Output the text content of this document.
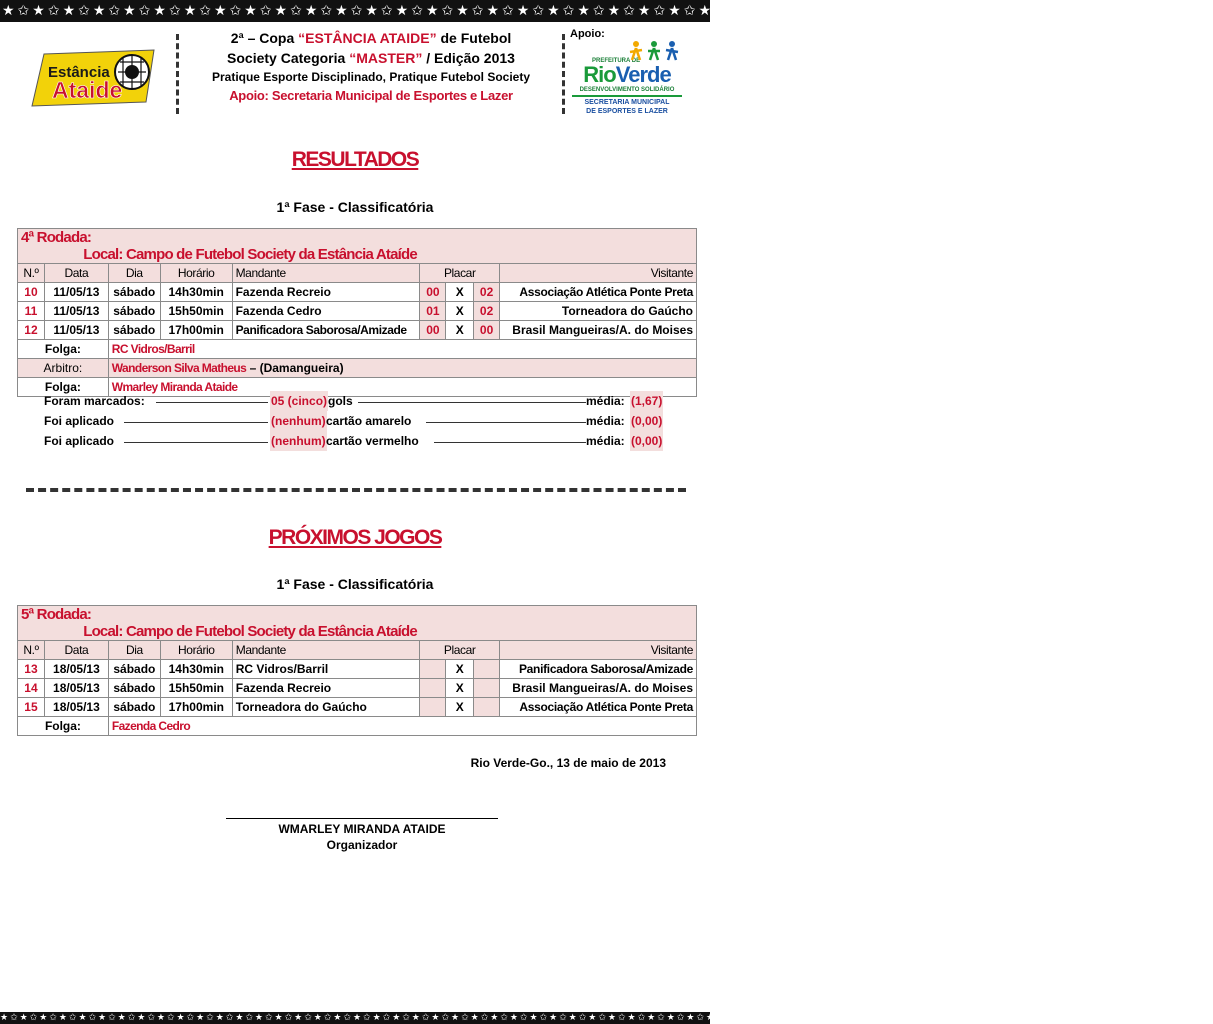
★✩★✩★✩★✩★✩★✩★✩★✩★✩★✩★✩★✩★✩★✩★✩★✩★✩★✩★✩★✩★✩★✩★✩★✩★✩★✩★✩★✩★✩★✩★✩★✩★✩★✩★✩★✩★✩★✩★✩★✩
Estância
Ataide
2ª – Copa “ESTÂNCIA ATAIDE” de Futebol
Society Categoria “MASTER” / Edição 2013
Pratique Esporte Disciplinado, Pratique Futebol Society
Apoio: Secretaria Municipal de Esportes e Lazer
Apoio:
PREFEITURA DE
RioVerde
DESENVOLVIMENTO SOLIDÁRIO
SECRETARIA MUNICIPAL
DE ESPORTES E LAZER
RESULTADOS
1ª Fase - Classificatória
4ª Rodada:
Local: Campo de Futebol Society da Estância Ataíde								

N.º	Data	Dia	Horário	Mandante	Placar			Visitante
10	11/05/13	sábado	14h30min	Fazenda Recreio	00	X	02	Associação Atlética Ponte Preta
11	11/05/13	sábado	15h50min	Fazenda Cedro	01	X	02	Torneadora do Gaúcho
12	11/05/13	sábado	17h00min	Panificadora Saborosa/Amizade	00	X	00	Brasil Mangueiras/A. do Moises
Folga:		RC Vidros/Barril						
Arbitro:		Wanderson Silva Matheus – (Damangueira)						
Folga:		Wmarley Miranda Ataide						
Foram marcados:	05 (cinco) gols	média: (1,67)
Foi aplicado	(nenhum) cartão amarelo	média: (0,00)
Foi aplicado	(nenhum) cartão vermelho	média: (0,00)
PRÓXIMOS JOGOS
1ª Fase - Classificatória
5ª Rodada:
Local: Campo de Futebol Society da Estância Ataíde								

N.º	Data	Dia	Horário	Mandante	Placar			Visitante
13	18/05/13	sábado	14h30min	RC Vidros/Barril		X		Panificadora Saborosa/Amizade
14	18/05/13	sábado	15h50min	Fazenda Recreio		X		Brasil Mangueiras/A. do Moises
15	18/05/13	sábado	17h00min	Torneadora do Gaúcho		X		Associação Atlética Ponte Preta
Folga:		Fazenda Cedro						
Rio Verde-Go., 13 de maio de 2013
WMARLEY MIRANDA ATAIDE
Organizador
★✩★✩★✩★✩★✩★✩★✩★✩★✩★✩★✩★✩★✩★✩★✩★✩★✩★✩★✩★✩★✩★✩★✩★✩★✩★✩★✩★✩★✩★✩★✩★✩★✩★✩★✩★✩★✩★✩★✩★✩★✩★✩★✩★✩★✩★✩★✩★✩★✩★✩
